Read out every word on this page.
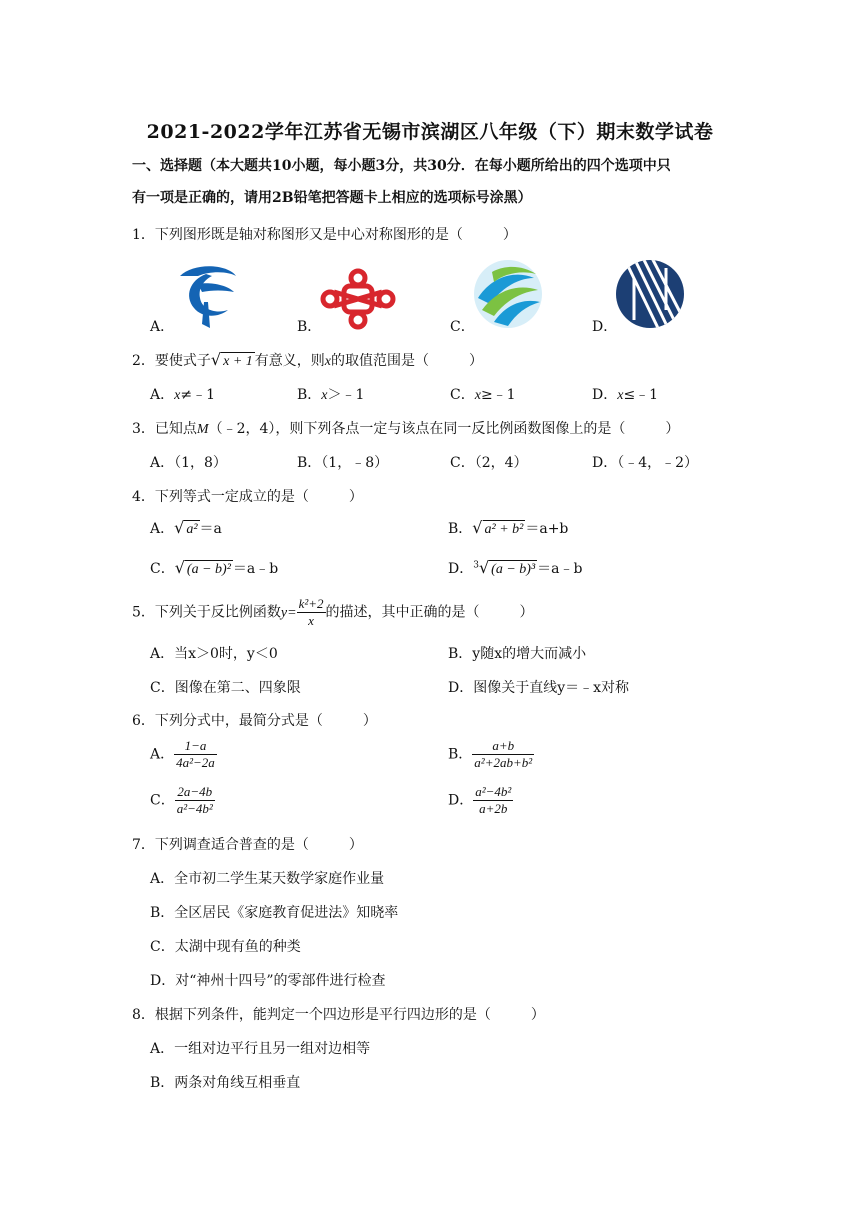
2021-2022学年江苏省无锡市滨湖区八年级（下）期末数学试卷
一、选择题（本大题共10小题，每小题3分，共30分．在每小题所给出的四个选项中只
有一项是正确的，请用2B铅笔把答题卡上相应的选项标号涂黑）
1．下列图形既是轴对称图形又是中心对称图形的是（	）
A．	B．	C．	D．
2．要使式子√ x + 1 有意义，则x的取值范围是（	）
A．x≠﹣1	B．x＞﹣1	C．x≥﹣1	D．x≤﹣1
3．已知点M（﹣2，4），则下列各点一定与该点在同一反比例函数图像上的是（	）
A．（1，8）	B．（1，﹣8）	C．（2，4）	D．（﹣4，﹣2）
4．下列等式一定成立的是（	）
A．√ a² ＝a	B．√ a² + b² ＝a+b
C．√ (a − b)² ＝a﹣b	D．$^3$√ (a − b)³ ＝a﹣b
5．下列关于反比例函数$y= \frac{\text{k²+2}}{x}$ 的描述，其中正确的是（	）
A．当x＞0时，y＜0	B．y随x的增大而减小
C．图像在第二、四象限	D．图像关于直线y＝﹣x对称
6．下列分式中，最简分式是（	）
A． $\frac{1-a}{\text{4a²−2a}}$	B． $\frac{a+b}{\text{a²+2ab+b²}}$
C． $\frac{2a-4b}{\text{a²−4b²}}$	D． $\frac{\text{a²−4b²}}{a+2b}$
7．下列调查适合普查的是（	）
A．全市初二学生某天数学家庭作业量
B．全区居民《家庭教育促进法》知晓率
C．太湖中现有鱼的种类
D．对“神州十四号”的零部件进行检查
8．根据下列条件，能判定一个四边形是平行四边形的是（	）
A．一组对边平行且另一组对边相等
B．两条对角线互相垂直
